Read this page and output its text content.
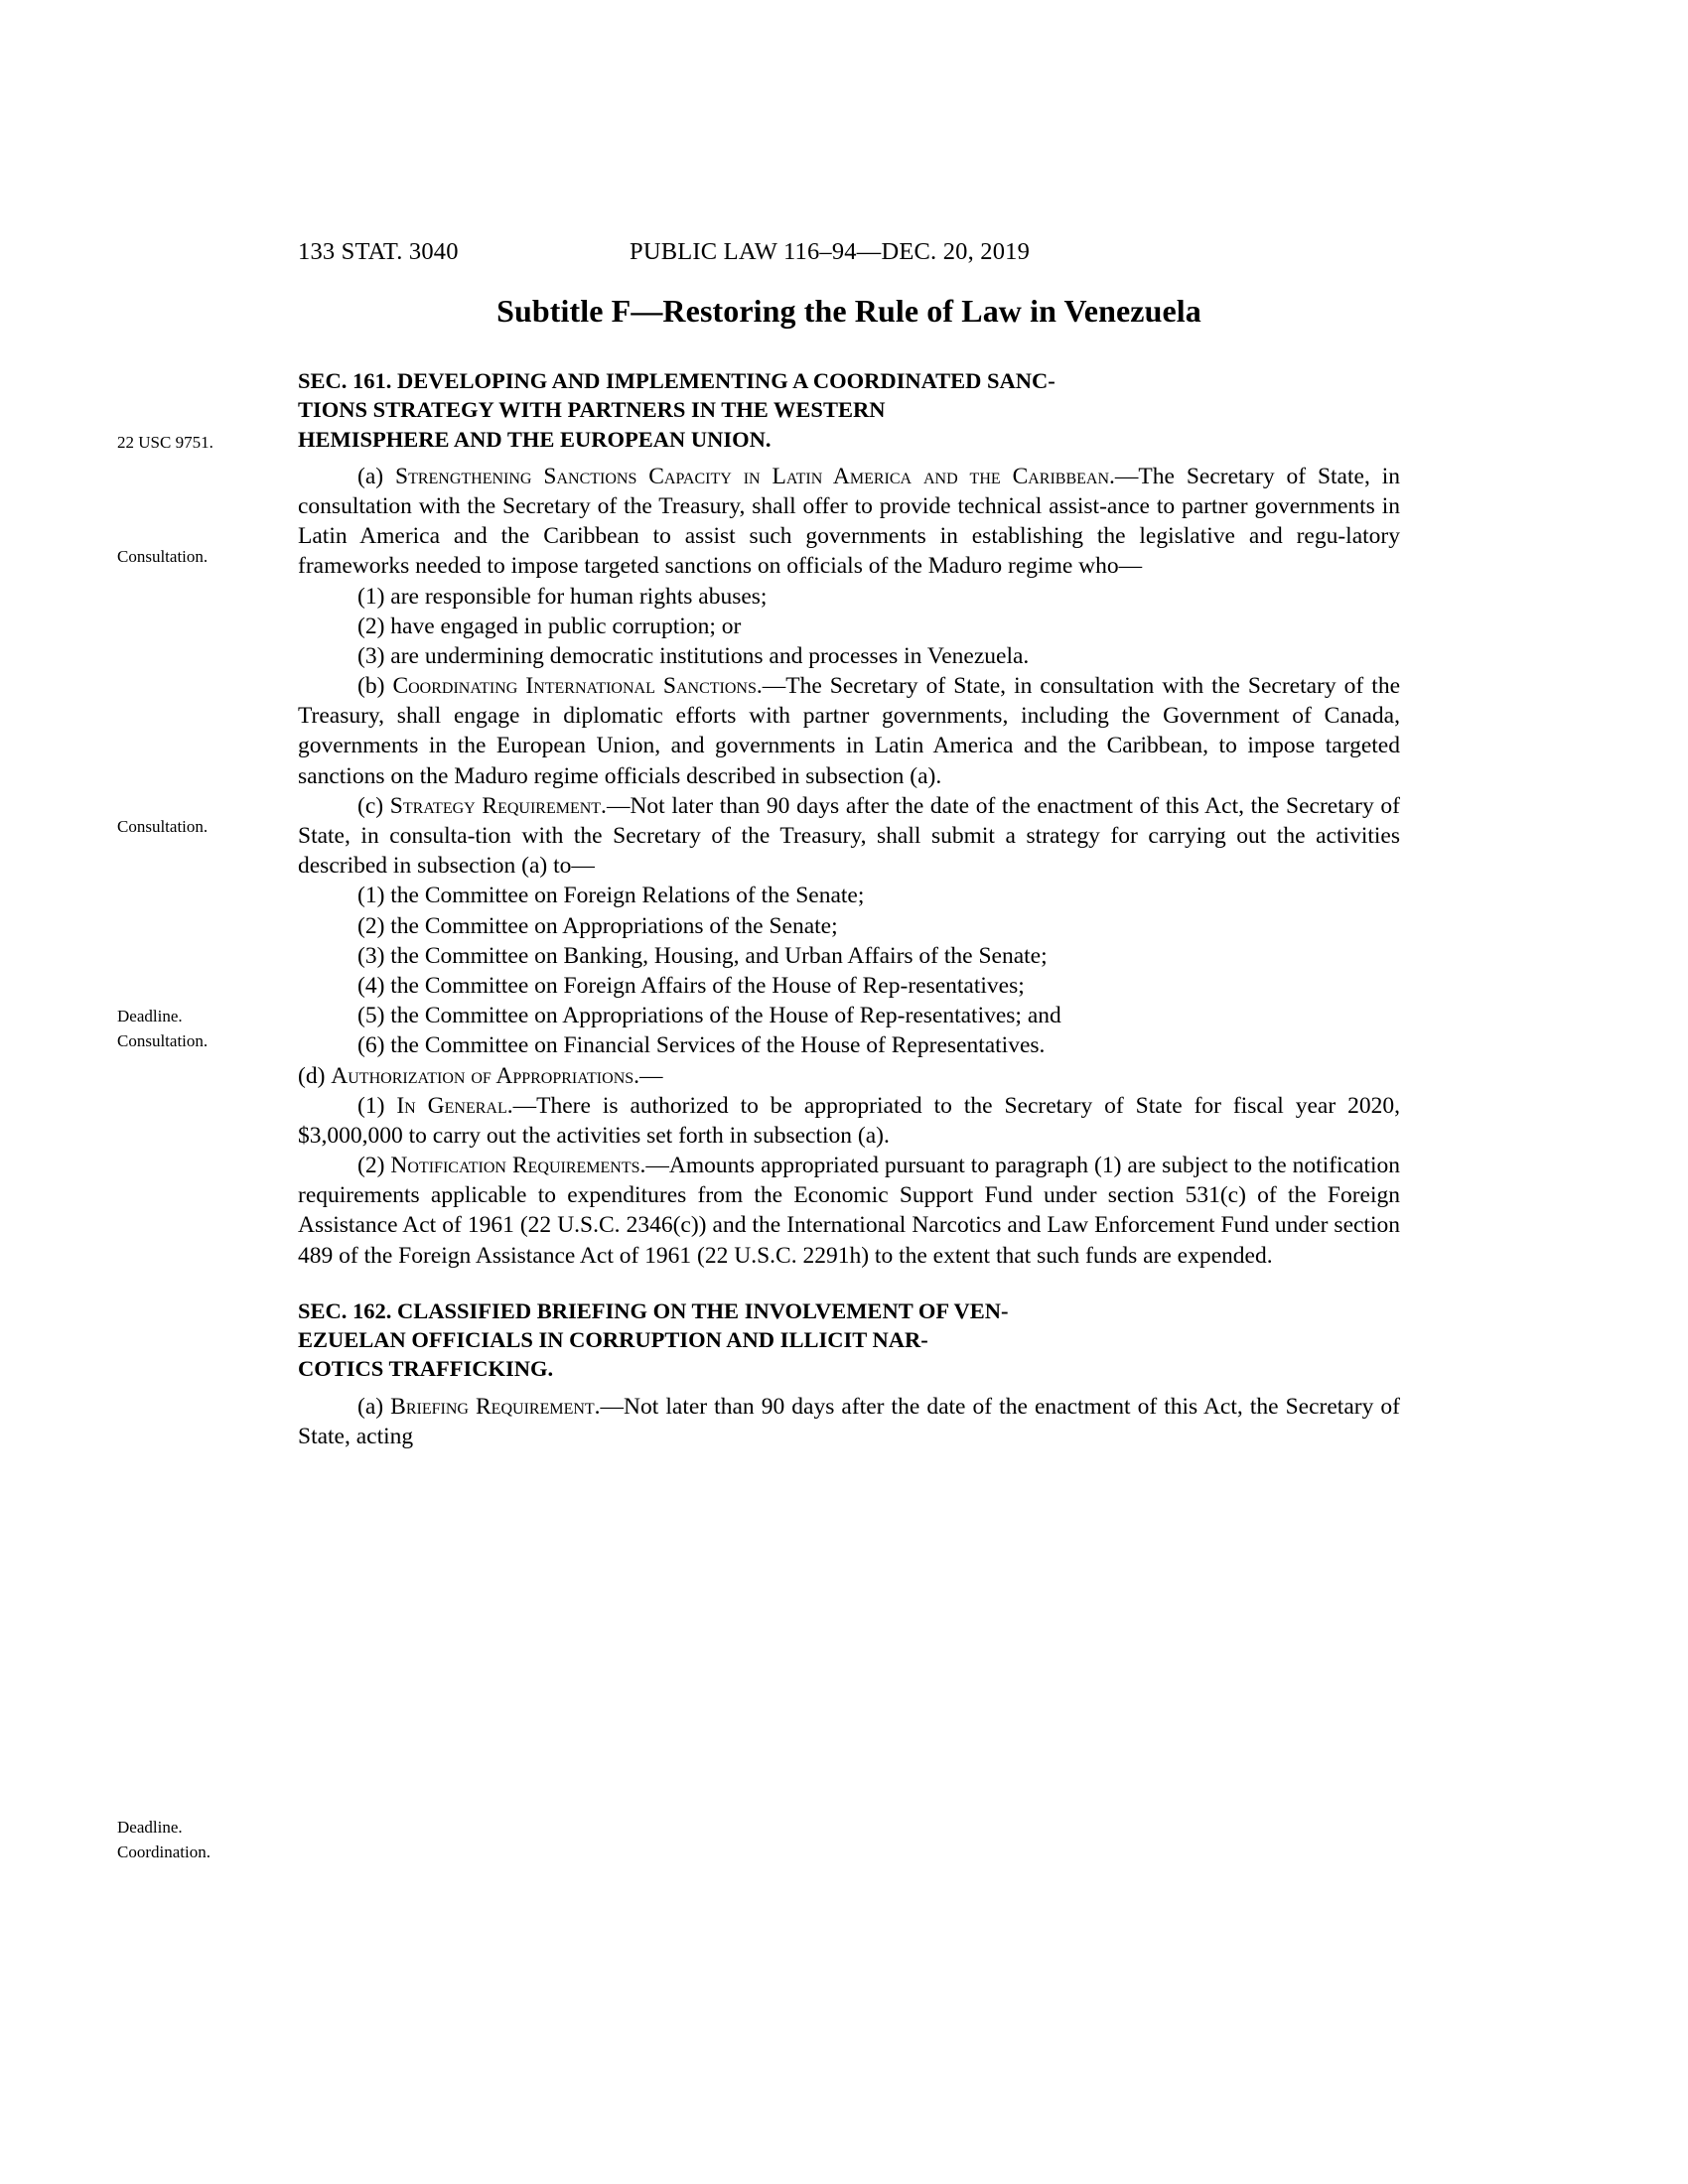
22 USC 9751.
Consultation.
Consultation.
Deadline.
Consultation.
Deadline.
Coordination.
133 STAT. 3040	PUBLIC LAW 116–94—DEC. 20, 2019
Subtitle F—Restoring the Rule of Law in Venezuela
SEC. 161. DEVELOPING AND IMPLEMENTING A COORDINATED SANC-
TIONS STRATEGY WITH PARTNERS IN THE WESTERN
HEMISPHERE AND THE EUROPEAN UNION.

(a) Strengthening Sanctions Capacity in Latin America and the Caribbean.—The Secretary of State, in consultation with the Secretary of the Treasury, shall offer to provide technical assist-ance to partner governments in Latin America and the Caribbean to assist such governments in establishing the legislative and regu-latory frameworks needed to impose targeted sanctions on officials of the Maduro regime who—

(1) are responsible for human rights abuses;

(2) have engaged in public corruption; or

(3) are undermining democratic institutions and processes in Venezuela.

(b) Coordinating International Sanctions.—The Secretary of State, in consultation with the Secretary of the Treasury, shall engage in diplomatic efforts with partner governments, including the Government of Canada, governments in the European Union, and governments in Latin America and the Caribbean, to impose targeted sanctions on the Maduro regime officials described in subsection (a).

(c) Strategy Requirement.—Not later than 90 days after the date of the enactment of this Act, the Secretary of State, in consulta-tion with the Secretary of the Treasury, shall submit a strategy for carrying out the activities described in subsection (a) to—

(1) the Committee on Foreign Relations of the Senate;

(2) the Committee on Appropriations of the Senate;

(3) the Committee on Banking, Housing, and Urban Affairs of the Senate;

(4) the Committee on Foreign Affairs of the House of Rep-resentatives;

(5) the Committee on Appropriations of the House of Rep-resentatives; and

(6) the Committee on Financial Services of the House of Representatives.

(d) Authorization of Appropriations.—

(1) In General.—There is authorized to be appropriated to the Secretary of State for fiscal year 2020, $3,000,000 to carry out the activities set forth in subsection (a).

(2) Notification Requirements.—Amounts appropriated pursuant to paragraph (1) are subject to the notification requirements applicable to expenditures from the Economic Support Fund under section 531(c) of the Foreign Assistance Act of 1961 (22 U.S.C. 2346(c)) and the International Narcotics and Law Enforcement Fund under section 489 of the Foreign Assistance Act of 1961 (22 U.S.C. 2291h) to the extent that such funds are expended.

SEC. 162. CLASSIFIED BRIEFING ON THE INVOLVEMENT OF VEN-
EZUELAN OFFICIALS IN CORRUPTION AND ILLICIT NAR-
COTICS TRAFFICKING.

(a) Briefing Requirement.—Not later than 90 days after the date of the enactment of this Act, the Secretary of State, acting
